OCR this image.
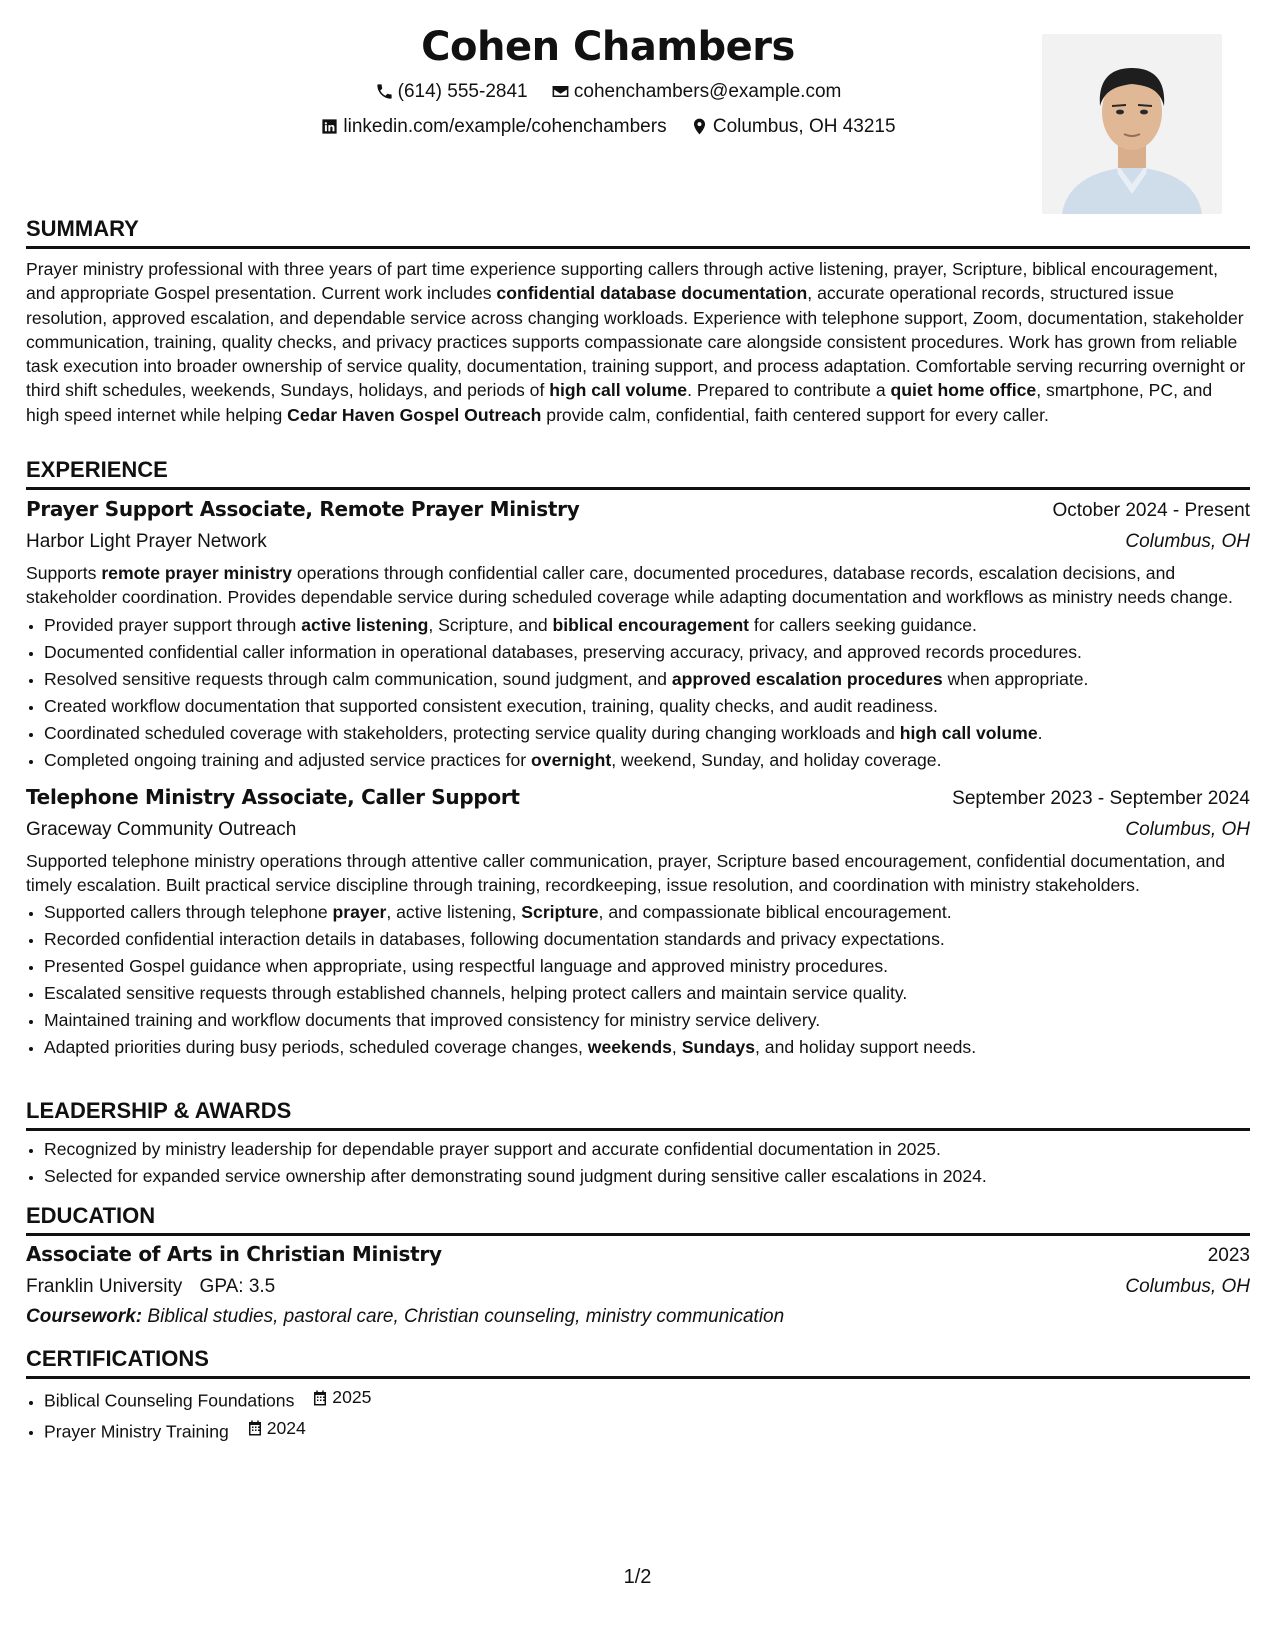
Cohen Chambers
(614) 555-2841
cohenchambers@example.com
linkedin.com/example/cohenchambers
Columbus, OH 43215
SUMMARY

Prayer ministry professional with three years of part time experience supporting callers through active listening, prayer, Scripture, biblical encouragement, and appropriate Gospel presentation. Current work includes confidential database documentation, accurate operational records, structured issue resolution, approved escalation, and dependable service across changing workloads. Experience with telephone support, Zoom, documentation, stakeholder communication, training, quality checks, and privacy practices supports compassionate care alongside consistent procedures. Work has grown from reliable task execution into broader ownership of service quality, documentation, training support, and process adaptation. Comfortable serving recurring overnight or third shift schedules, weekends, Sundays, holidays, and periods of high call volume. Prepared to contribute a quiet home office, smartphone, PC, and high speed internet while helping Cedar Haven Gospel Outreach provide calm, confidential, faith centered support for every caller.

EXPERIENCE
Prayer Support Associate, Remote Prayer Ministry	October 2024 - Present
Harbor Light Prayer Network	Columbus, OH

Supports remote prayer ministry operations through confidential caller care, documented procedures, database records, escalation decisions, and stakeholder coordination. Provides dependable service during scheduled coverage while adapting documentation and workflows as ministry needs change.

• Provided prayer support through active listening, Scripture, and biblical encouragement for callers seeking guidance.
• Documented confidential caller information in operational databases, preserving accuracy, privacy, and approved records procedures.
• Resolved sensitive requests through calm communication, sound judgment, and approved escalation procedures when appropriate.
• Created workflow documentation that supported consistent execution, training, quality checks, and audit readiness.
• Coordinated scheduled coverage with stakeholders, protecting service quality during changing workloads and high call volume.
• Completed ongoing training and adjusted service practices for overnight, weekend, Sunday, and holiday coverage.
Telephone Ministry Associate, Caller Support	September 2023 - September 2024
Graceway Community Outreach	Columbus, OH

Supported telephone ministry operations through attentive caller communication, prayer, Scripture based encouragement, confidential documentation, and timely escalation. Built practical service discipline through training, recordkeeping, issue resolution, and coordination with ministry stakeholders.

• Supported callers through telephone prayer, active listening, Scripture, and compassionate biblical encouragement.
• Recorded confidential interaction details in databases, following documentation standards and privacy expectations.
• Presented Gospel guidance when appropriate, using respectful language and approved ministry procedures.
• Escalated sensitive requests through established channels, helping protect callers and maintain service quality.
• Maintained training and workflow documents that improved consistency for ministry service delivery.
• Adapted priorities during busy periods, scheduled coverage changes, weekends, Sundays, and holiday support needs.
LEADERSHIP & AWARDS
• Recognized by ministry leadership for dependable prayer support and accurate confidential documentation in 2025.
• Selected for expanded service ownership after demonstrating sound judgment during sensitive caller escalations in 2024.
EDUCATION
Associate of Arts in Christian Ministry	2023
Franklin University GPA: 3.5	Columbus, OH
Coursework: Biblical studies, pastoral care, Christian counseling, ministry communication
CERTIFICATIONS
• Biblical Counseling Foundations 2025
• Prayer Ministry Training 2024
1/2
